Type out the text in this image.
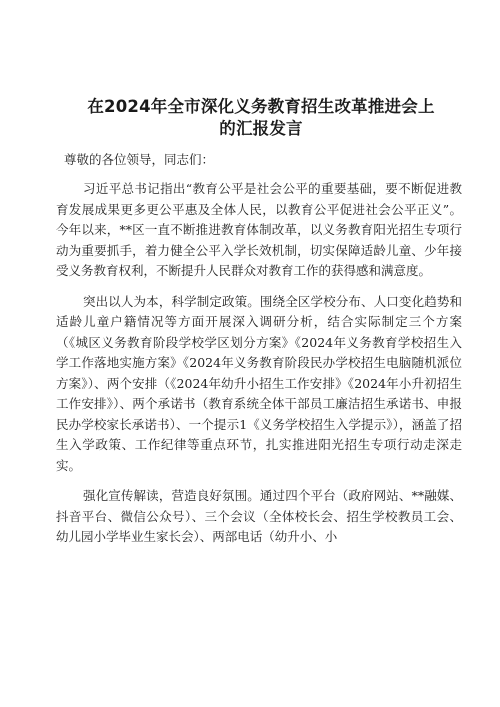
在2024年全市深化义务教育招生改革推进会上
的汇报发言

尊敬的各位领导，同志们：

习近平总书记指出“教育公平是社会公平的重要基础，要不断促进教育发展成果更多更公平惠及全体人民，以教育公平促进社会公平正义”。今年以来，**区一直不断推进教育体制改革，以义务教育阳光招生专项行动为重要抓手，着力健全公平入学长效机制，切实保障适龄儿童、少年接受义务教育权利，不断提升人民群众对教育工作的获得感和满意度。

突出以人为本，科学制定政策。围绕全区学校分布、人口变化趋势和适龄儿童户籍情况等方面开展深入调研分析，结合实际制定三个方案（《城区义务教育阶段学校学区划分方案》《2024年义务教育学校招生入学工作落地实施方案》《2024年义务教育阶段民办学校招生电脑随机派位方案》）、两个安排（《2024年幼升小招生工作安排》《2024年小升初招生工作安排》）、两个承诺书（教育系统全体干部员工廉洁招生承诺书、申报民办学校家长承诺书）、一个提示1《义务学校招生入学提示》），涵盖了招生入学政策、工作纪律等重点环节，扎实推进阳光招生专项行动走深走实。

强化宣传解读，营造良好氛围。通过四个平台（政府网站、**融媒、抖音平台、微信公众号）、三个会议（全体校长会、招生学校教员工会、幼儿园小学毕业生家长会）、两部电话（幼升小、小
